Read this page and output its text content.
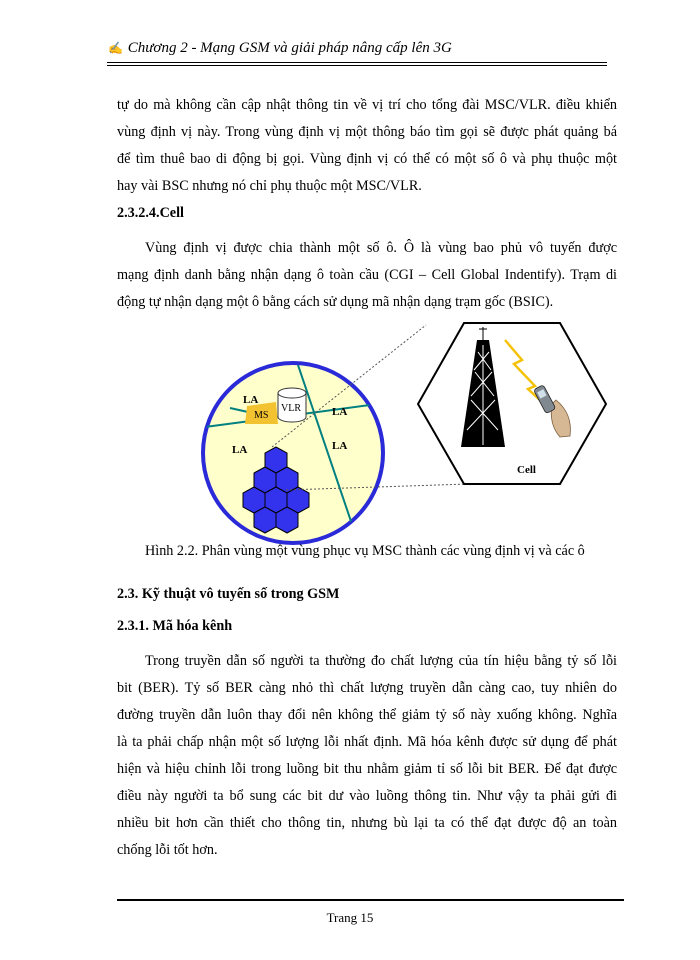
✍ Chương 2 - Mạng GSM và giải pháp nâng cấp lên 3G

tự do mà không cần cập nhật thông tin về vị trí cho tổng đài MSC/VLR. điều khiển
vùng định vị này. Trong vùng định vị một thông báo tìm gọi sẽ được phát quảng bá
để tìm thuê bao di động bị gọi. Vùng định vị có thể có một số ô và phụ thuộc một
hay vài BSC nhưng nó chỉ phụ thuộc một MSC/VLR.

2.3.2.4.Cell

Vùng định vị được chia thành một số ô. Ô là vùng bao phủ vô tuyến được
mạng định danh bằng nhận dạng ô toàn cầu (CGI – Cell Global Indentify). Trạm di
động tự nhận dạng một ô bằng cách sử dụng mã nhận dạng trạm gốc (BSIC).

LA
MS
VLR	LA
LA	LA
Cell
Hình 2.2. Phân vùng một vùng phục vụ MSC thành các vùng định vị và các ô

2.3. Kỹ thuật vô tuyến số trong GSM

2.3.1. Mã hóa kênh

Trong truyền dẫn số người ta thường đo chất lượng của tín hiệu bằng tỷ số lỗi
bit (BER). Tỷ số BER càng nhỏ thì chất lượng truyền dẫn càng cao, tuy nhiên do
đường truyền dẫn luôn thay đổi nên không thể giảm tỷ số này xuống không. Nghĩa
là ta phải chấp nhận một số lượng lỗi nhất định. Mã hóa kênh được sử dụng để phát
hiện và hiệu chỉnh lỗi trong luồng bit thu nhằm giảm tỉ số lỗi bit BER. Để đạt được
điều này người ta bổ sung các bit dư vào luồng thông tin. Như vậy ta phải gửi đi
nhiều bit hơn cần thiết cho thông tin, nhưng bù lại ta có thể đạt được độ an toàn
chống lỗi tốt hơn.

Trang 15
